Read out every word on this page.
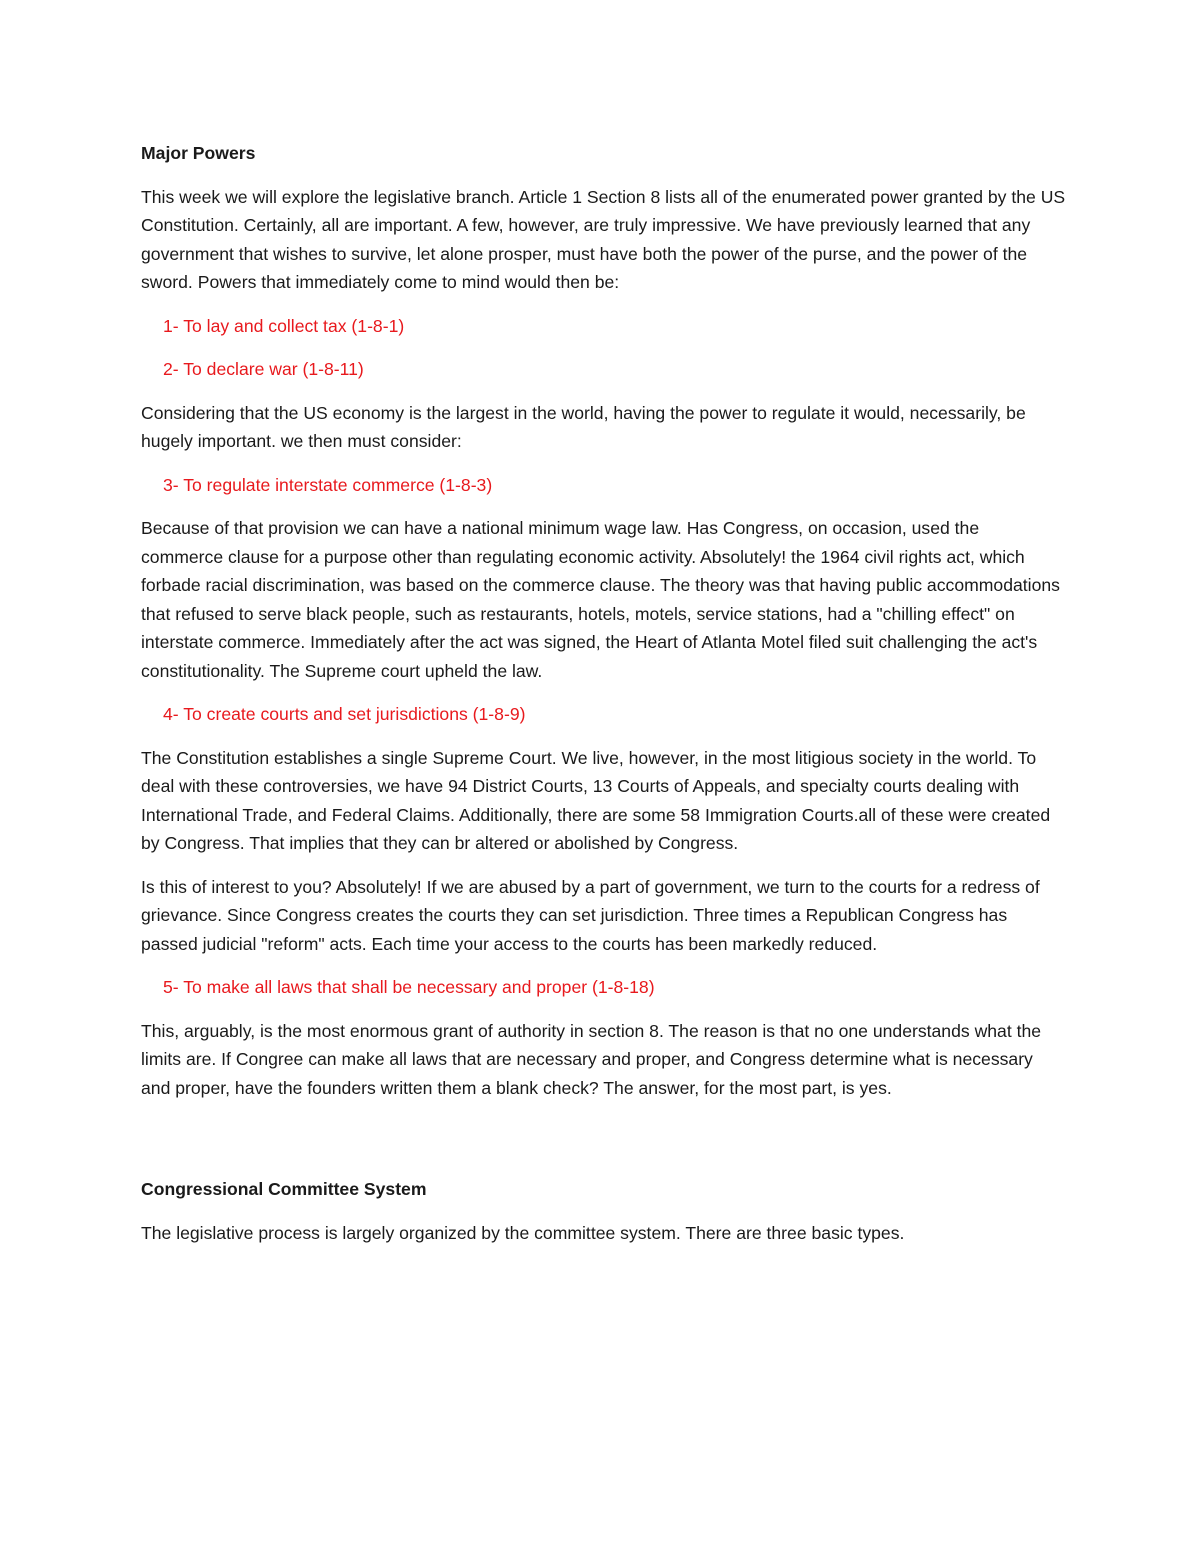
Major Powers

This week we will explore the legislative branch. Article 1 Section 8 lists all of the enumerated power granted by the US Constitution. Certainly, all are important. A few, however, are truly impressive. We have previously learned that any government that wishes to survive, let alone prosper, must have both the power of the purse, and the power of the sword. Powers that immediately come to mind would then be:

1- To lay and collect tax (1-8-1)

2- To declare war (1-8-11)

Considering that the US economy is the largest in the world, having the power to regulate it would, necessarily, be hugely important. we then must consider:

3- To regulate interstate commerce (1-8-3)

Because of that provision we can have a national minimum wage law. Has Congress, on occasion, used the commerce clause for a purpose other than regulating economic activity. Absolutely! the 1964 civil rights act, which forbade racial discrimination, was based on the commerce clause. The theory was that having public accommodations that refused to serve black people, such as restaurants, hotels, motels, service stations, had a "chilling effect" on interstate commerce. Immediately after the act was signed, the Heart of Atlanta Motel filed suit challenging the act's constitutionality. The Supreme court upheld the law.

4- To create courts and set jurisdictions (1-8-9)

The Constitution establishes a single Supreme Court. We live, however, in the most litigious society in the world. To deal with these controversies, we have 94 District Courts, 13 Courts of Appeals, and specialty courts dealing with International Trade, and Federal Claims. Additionally, there are some 58 Immigration Courts.all of these were created by Congress. That implies that they can br altered or abolished by Congress.

Is this of interest to you? Absolutely! If we are abused by a part of government, we turn to the courts for a redress of grievance. Since Congress creates the courts they can set jurisdiction. Three times a Republican Congress has passed judicial "reform" acts. Each time your access to the courts has been markedly reduced.

5- To make all laws that shall be necessary and proper (1-8-18)

This, arguably, is the most enormous grant of authority in section 8. The reason is that no one understands what the limits are. If Congree can make all laws that are necessary and proper, and Congress determine what is necessary and proper, have the founders written them a blank check? The answer, for the most part, is yes.

Congressional Committee System

The legislative process is largely organized by the committee system. There are three basic types.
